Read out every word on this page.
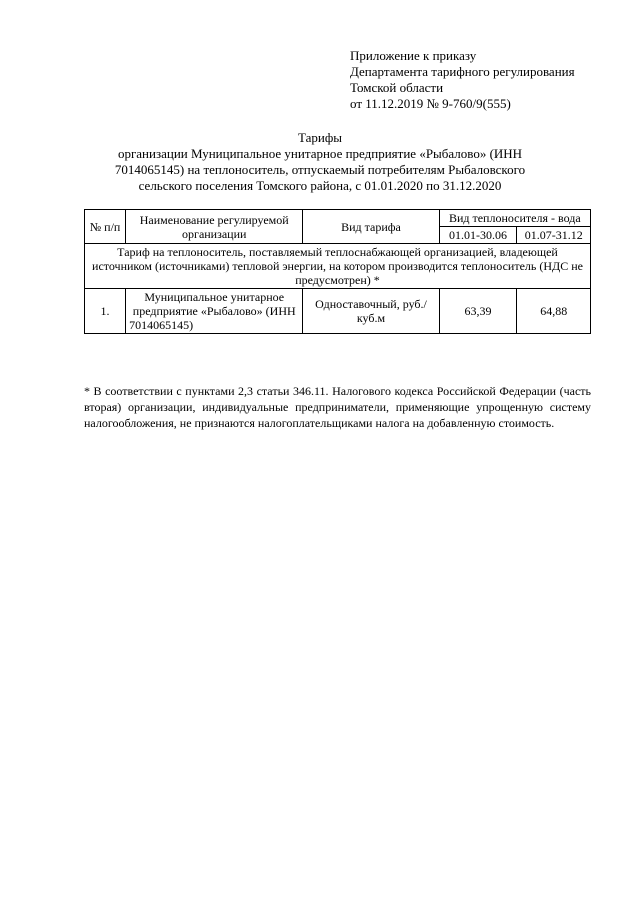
Приложение к приказу
Департамента тарифного регулирования
Томской области
от 11.12.2019 № 9-760/9(555)
Тарифы
организации Муниципальное унитарное предприятие «Рыбалово» (ИНН
7014065145) на теплоноситель, отпускаемый потребителям Рыбаловского
сельского поселения Томского района, с 01.01.2020 по 31.12.2020
№ п/п	Наименование регулируемой организации	Вид тарифа	Вид теплоносителя - вода	
			01.01-30.06	01.07-31.12
Тариф на теплоноситель, поставляемый теплоснабжающей организацией, владеющей источником (источниками) тепловой энергии, на котором производится теплоноситель (НДС не предусмотрен) *				
1.	Муниципальное унитарное предприятие «Рыбалово» (ИНН 7014065145)	Одноставочный, руб./куб.м	63,39	64,88
* В соответствии с пунктами 2,3 статьи 346.11. Налогового кодекса Российской Федерации (часть вторая) организации, индивидуальные предприниматели, применяющие упрощенную систему налогообложения, не признаются налогоплательщиками налога на добавленную стоимость.
